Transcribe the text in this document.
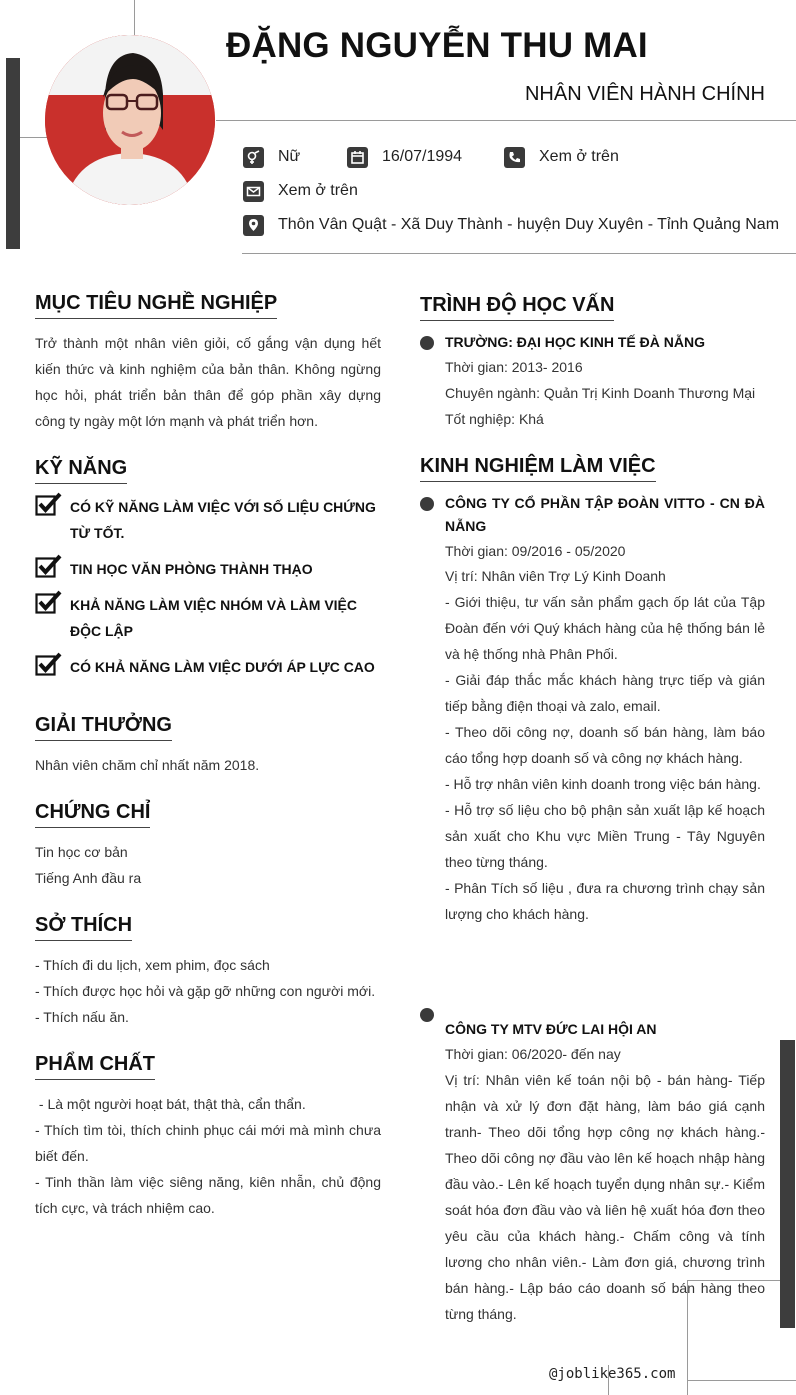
ĐẶNG NGUYỄN THU MAI
NHÂN VIÊN HÀNH CHÍNH
Nữ	16/07/1994	Xem ở trên
Xem ở trên
Thôn Vân Quật - Xã Duy Thành - huyện Duy Xuyên - Tỉnh Quảng Nam
MỤC TIÊU NGHỀ NGHIỆP
Trở thành một nhân viên giỏi, cố gắng vận dụng hết kiến thức và kinh nghiệm của bản thân. Không ngừng học hỏi, phát triển bản thân để góp phần xây dựng công ty ngày một lớn mạnh và phát triển hơn.
KỸ NĂNG
CÓ KỸ NĂNG LÀM VIỆC VỚI SỐ LIỆU CHỨNG TỪ TỐT.
TIN HỌC VĂN PHÒNG THÀNH THẠO
KHẢ NĂNG LÀM VIỆC NHÓM VÀ LÀM VIỆC ĐỘC LẬP
CÓ KHẢ NĂNG LÀM VIỆC DƯỚI ÁP LỰC CAO
GIẢI THƯỞNG
Nhân viên chăm chỉ nhất năm 2018.
CHỨNG CHỈ
Tin học cơ bản
Tiếng Anh đầu ra
SỞ THÍCH
- Thích đi du lịch, xem phim, đọc sách
- Thích được học hỏi và gặp gỡ những con người mới.
- Thích nấu ăn.
PHẨM CHẤT
- Là một người hoạt bát, thật thà, cẩn thẩn.
- Thích tìm tòi, thích chinh phục cái mới mà mình chưa biết đến.
- Tinh thần làm việc siêng năng, kiên nhẫn, chủ động tích cực, và trách nhiệm cao.
TRÌNH ĐỘ HỌC VẤN
TRƯỜNG: ĐẠI HỌC KINH TẾ ĐÀ NẴNG
Thời gian: 2013- 2016
Chuyên ngành: Quản Trị Kinh Doanh Thương Mại
Tốt nghiệp: Khá
KINH NGHIỆM LÀM VIỆC
CÔNG TY CỔ PHẦN TẬP ĐOÀN VITTO - CN ĐÀ NẴNG
Thời gian: 09/2016 - 05/2020
Vị trí: Nhân viên Trợ Lý Kinh Doanh
- Giới thiệu, tư vấn sản phẩm gạch ốp lát của Tập Đoàn đến với Quý khách hàng của hệ thống bán lẻ và hệ thống nhà Phân Phối.
- Giải đáp thắc mắc khách hàng trực tiếp và gián tiếp bằng điện thoại và zalo, email.
- Theo dõi công nợ, doanh số bán hàng, làm báo cáo tổng hợp doanh số và công nợ khách hàng.
- Hỗ trợ nhân viên kinh doanh trong việc bán hàng.
- Hỗ trợ số liệu cho bộ phận sản xuất lập kế hoạch sản xuất cho Khu vực Miền Trung - Tây Nguyên theo từng tháng.
- Phân Tích số liệu , đưa ra chương trình chạy sản lượng cho khách hàng.
CÔNG TY MTV ĐỨC LAI HỘI AN
Thời gian: 06/2020- đến nay
Vị trí: Nhân viên kế toán nội bộ - bán hàng- Tiếp nhận và xử lý đơn đặt hàng, làm báo giá cạnh tranh- Theo dõi tổng hợp công nợ khách hàng.- Theo dõi công nợ đầu vào lên kế hoạch nhập hàng đầu vào.- Lên kế hoạch tuyển dụng nhân sự.- Kiểm soát hóa đơn đầu vào và liên hệ xuất hóa đơn theo yêu cầu của khách hàng.- Chấm công và tính lương cho nhân viên.- Làm đơn giá, chương trình bán hàng.- Lập báo cáo doanh số bán hàng theo từng tháng.
@joblike365.com
